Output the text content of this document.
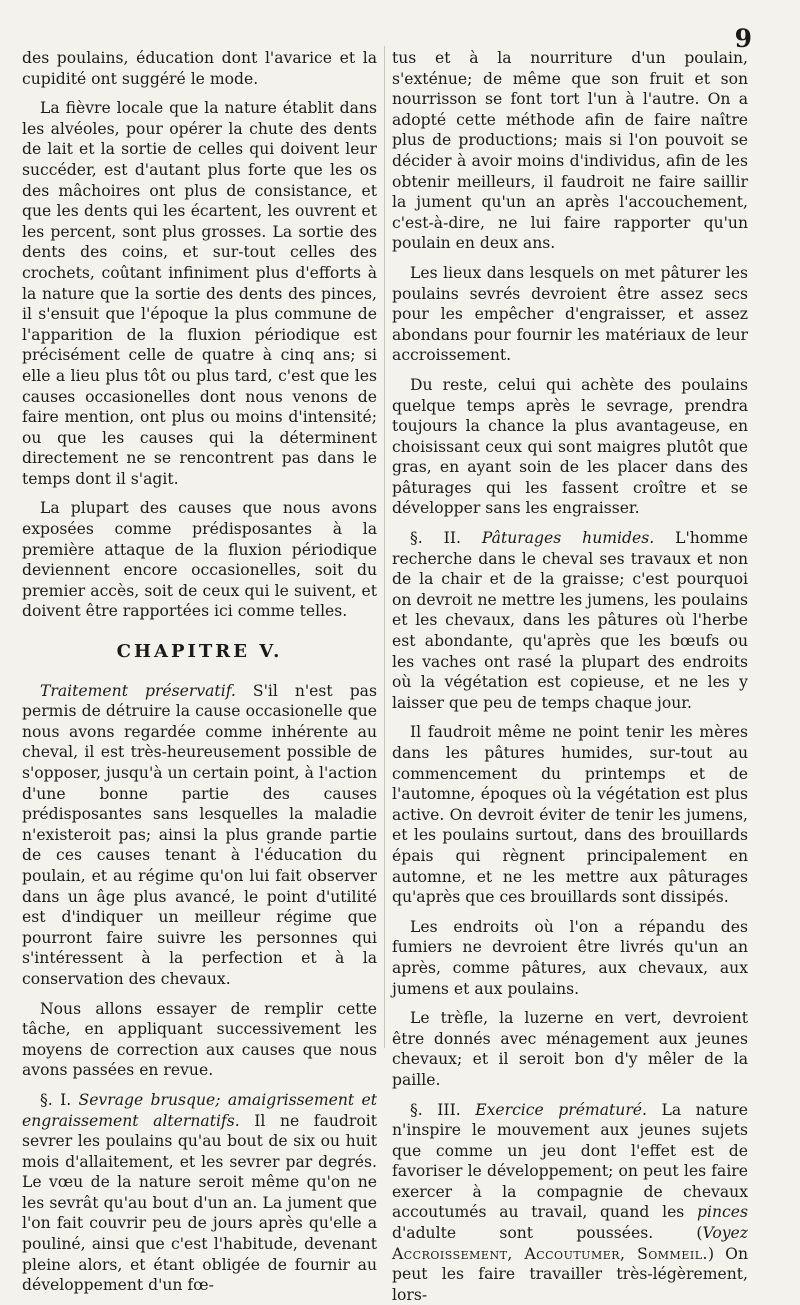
9

des poulains, éducation dont l'avarice et la cupidité ont suggéré le mode.

La fièvre locale que la nature établit dans les alvéoles, pour opérer la chute des dents de lait et la sortie de celles qui doivent leur succéder, est d'autant plus forte que les os des mâchoires ont plus de consistance, et que les dents qui les écartent, les ouvrent et les percent, sont plus grosses. La sortie des dents des coins, et sur-tout celles des crochets, coûtant infiniment plus d'efforts à la nature que la sortie des dents des pinces, il s'ensuit que l'époque la plus commune de l'apparition de la fluxion périodique est précisément celle de quatre à cinq ans; si elle a lieu plus tôt ou plus tard, c'est que les causes occasionelles dont nous venons de faire mention, ont plus ou moins d'intensité; ou que les causes qui la déterminent directement ne se rencontrent pas dans le temps dont il s'agit.

La plupart des causes que nous avons exposées comme prédisposantes à la première attaque de la fluxion périodique deviennent encore occasionelles, soit du premier accès, soit de ceux qui le suivent, et doivent être rapportées ici comme telles.

CHAPITRE V.

Traitement préservatif. S'il n'est pas permis de détruire la cause occasionelle que nous avons regardée comme inhérente au cheval, il est très-heureusement possible de s'opposer, jusqu'à un certain point, à l'action d'une bonne partie des causes prédisposantes sans lesquelles la maladie n'existeroit pas; ainsi la plus grande partie de ces causes tenant à l'éducation du poulain, et au régime qu'on lui fait observer dans un âge plus avancé, le point d'utilité est d'indiquer un meilleur régime que pourront faire suivre les personnes qui s'intéressent à la perfection et à la conservation des chevaux.

Nous allons essayer de remplir cette tâche, en appliquant successivement les moyens de correction aux causes que nous avons passées en revue.

§. I. Sevrage brusque; amaigrissement et engraissement alternatifs. Il ne faudroit sevrer les poulains qu'au bout de six ou huit mois d'allaitement, et les sevrer par degrés. Le vœu de la nature seroit même qu'on ne les sevrât qu'au bout d'un an. La jument que l'on fait couvrir peu de jours après qu'elle a pouliné, ainsi que c'est l'habitude, devenant pleine alors, et étant obligée de fournir au développement d'un fœ-

tus et à la nourriture d'un poulain, s'exténue; de même que son fruit et son nourrisson se font tort l'un à l'autre. On a adopté cette méthode afin de faire naître plus de productions; mais si l'on pouvoit se décider à avoir moins d'individus, afin de les obtenir meilleurs, il faudroit ne faire saillir la jument qu'un an après l'accouchement, c'est-à-dire, ne lui faire rapporter qu'un poulain en deux ans.

Les lieux dans lesquels on met pâturer les poulains sevrés devroient être assez secs pour les empêcher d'engraisser, et assez abondans pour fournir les matériaux de leur accroissement.

Du reste, celui qui achète des poulains quelque temps après le sevrage, prendra toujours la chance la plus avantageuse, en choisissant ceux qui sont maigres plutôt que gras, en ayant soin de les placer dans des pâturages qui les fassent croître et se développer sans les engraisser.

§. II. Pâturages humides. L'homme recherche dans le cheval ses travaux et non de la chair et de la graisse; c'est pourquoi on devroit ne mettre les jumens, les poulains et les chevaux, dans les pâtures où l'herbe est abondante, qu'après que les bœufs ou les vaches ont rasé la plupart des endroits où la végétation est copieuse, et ne les y laisser que peu de temps chaque jour.

Il faudroit même ne point tenir les mères dans les pâtures humides, sur-tout au commencement du printemps et de l'automne, époques où la végétation est plus active. On devroit éviter de tenir les jumens, et les poulains surtout, dans des brouillards épais qui règnent principalement en automne, et ne les mettre aux pâturages qu'après que ces brouillards sont dissipés.

Les endroits où l'on a répandu des fumiers ne devroient être livrés qu'un an après, comme pâtures, aux chevaux, aux jumens et aux poulains.

Le trèfle, la luzerne en vert, devroient être donnés avec ménagement aux jeunes chevaux; et il seroit bon d'y mêler de la paille.

§. III. Exercice prématuré. La nature n'inspire le mouvement aux jeunes sujets que comme un jeu dont l'effet est de favoriser le développement; on peut les faire exercer à la compagnie de chevaux accoutumés au travail, quand les pinces d'adulte sont poussées. (Voyez Accroissement, Accoutumer, Sommeil.) On peut les faire travailler très-légèrement, lors-
